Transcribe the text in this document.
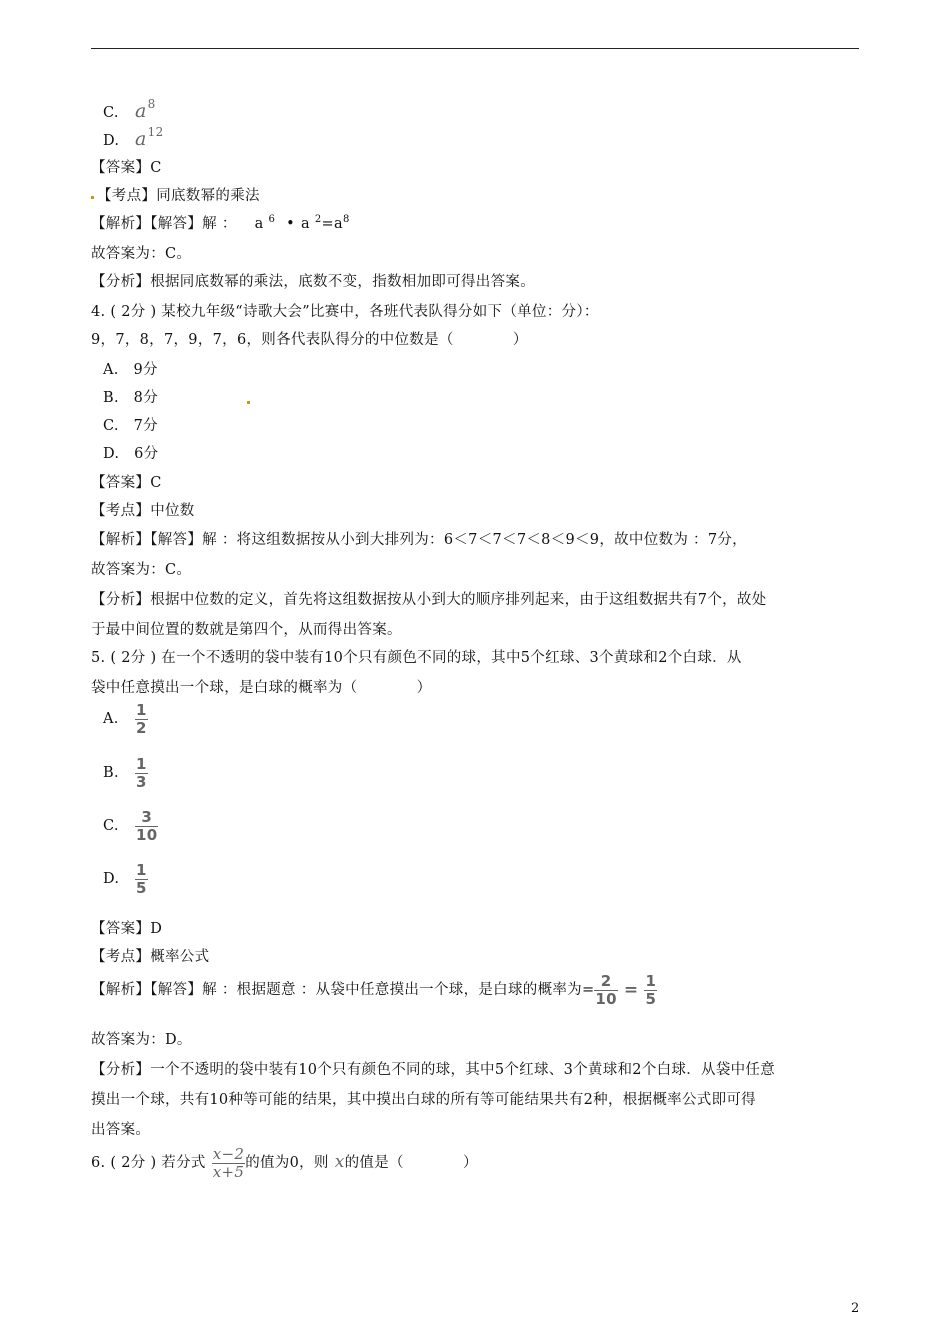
C. $a^8$
D. $a^{12}$
【答案】C
【考点】同底数幂的乘法
【解析】【解答】解 ： a $^6$ • a $^2=a^8$
故答案为：C。
【分析】根据同底数幂的乘法，底数不变，指数相加即可得出答案。
4. ( 2分 ) 某校九年级“诗歌大会”比赛中，各班代表队得分如下（单位：分）：
9，7，8，7，9，7，6，则各代表队得分的中位数是（　　　　）
A.　9分
B.　8分
C.　7分
D.　6分
【答案】C
【考点】中位数
【解析】【解答】解 ：将这组数据按从小到大排列为：6＜7＜7＜7＜8＜9＜9，故中位数为 ：7分，
故答案为：C。
【分析】根据中位数的定义，首先将这组数据按从小到大的顺序排列起来，由于这组数据共有7个，故处
于最中间位置的数就是第四个，从而得出答案。
5. ( 2分 ) 在一个不透明的袋中装有10个只有颜色不同的球，其中5个红球、3个黄球和2个白球．从
袋中任意摸出一个球，是白球的概率为（　　　　）
A. $\frac{1}{2}$
B. $\frac{1}{3}$
C. $\frac{3}{10}$
D. $\frac{1}{5}$
【答案】D
【考点】概率公式
【解析】【解答】解 ：根据题意 ：从袋中任意摸出一个球，是白球的概率为= $\frac{2}{10} = \frac{1}{5}$
故答案为：D。
【分析】一个不透明的袋中装有10个只有颜色不同的球，其中5个红球、3个黄球和2个白球．从袋中任意
摸出一个球，共有10种等可能的结果，其中摸出白球的所有等可能结果共有2种，根据概率公式即可得
出答案。
6. ( 2分 ) 若分式 $\frac{x-2}{x+5}$ 的值为0，则 x的值是（　　　　）
2
